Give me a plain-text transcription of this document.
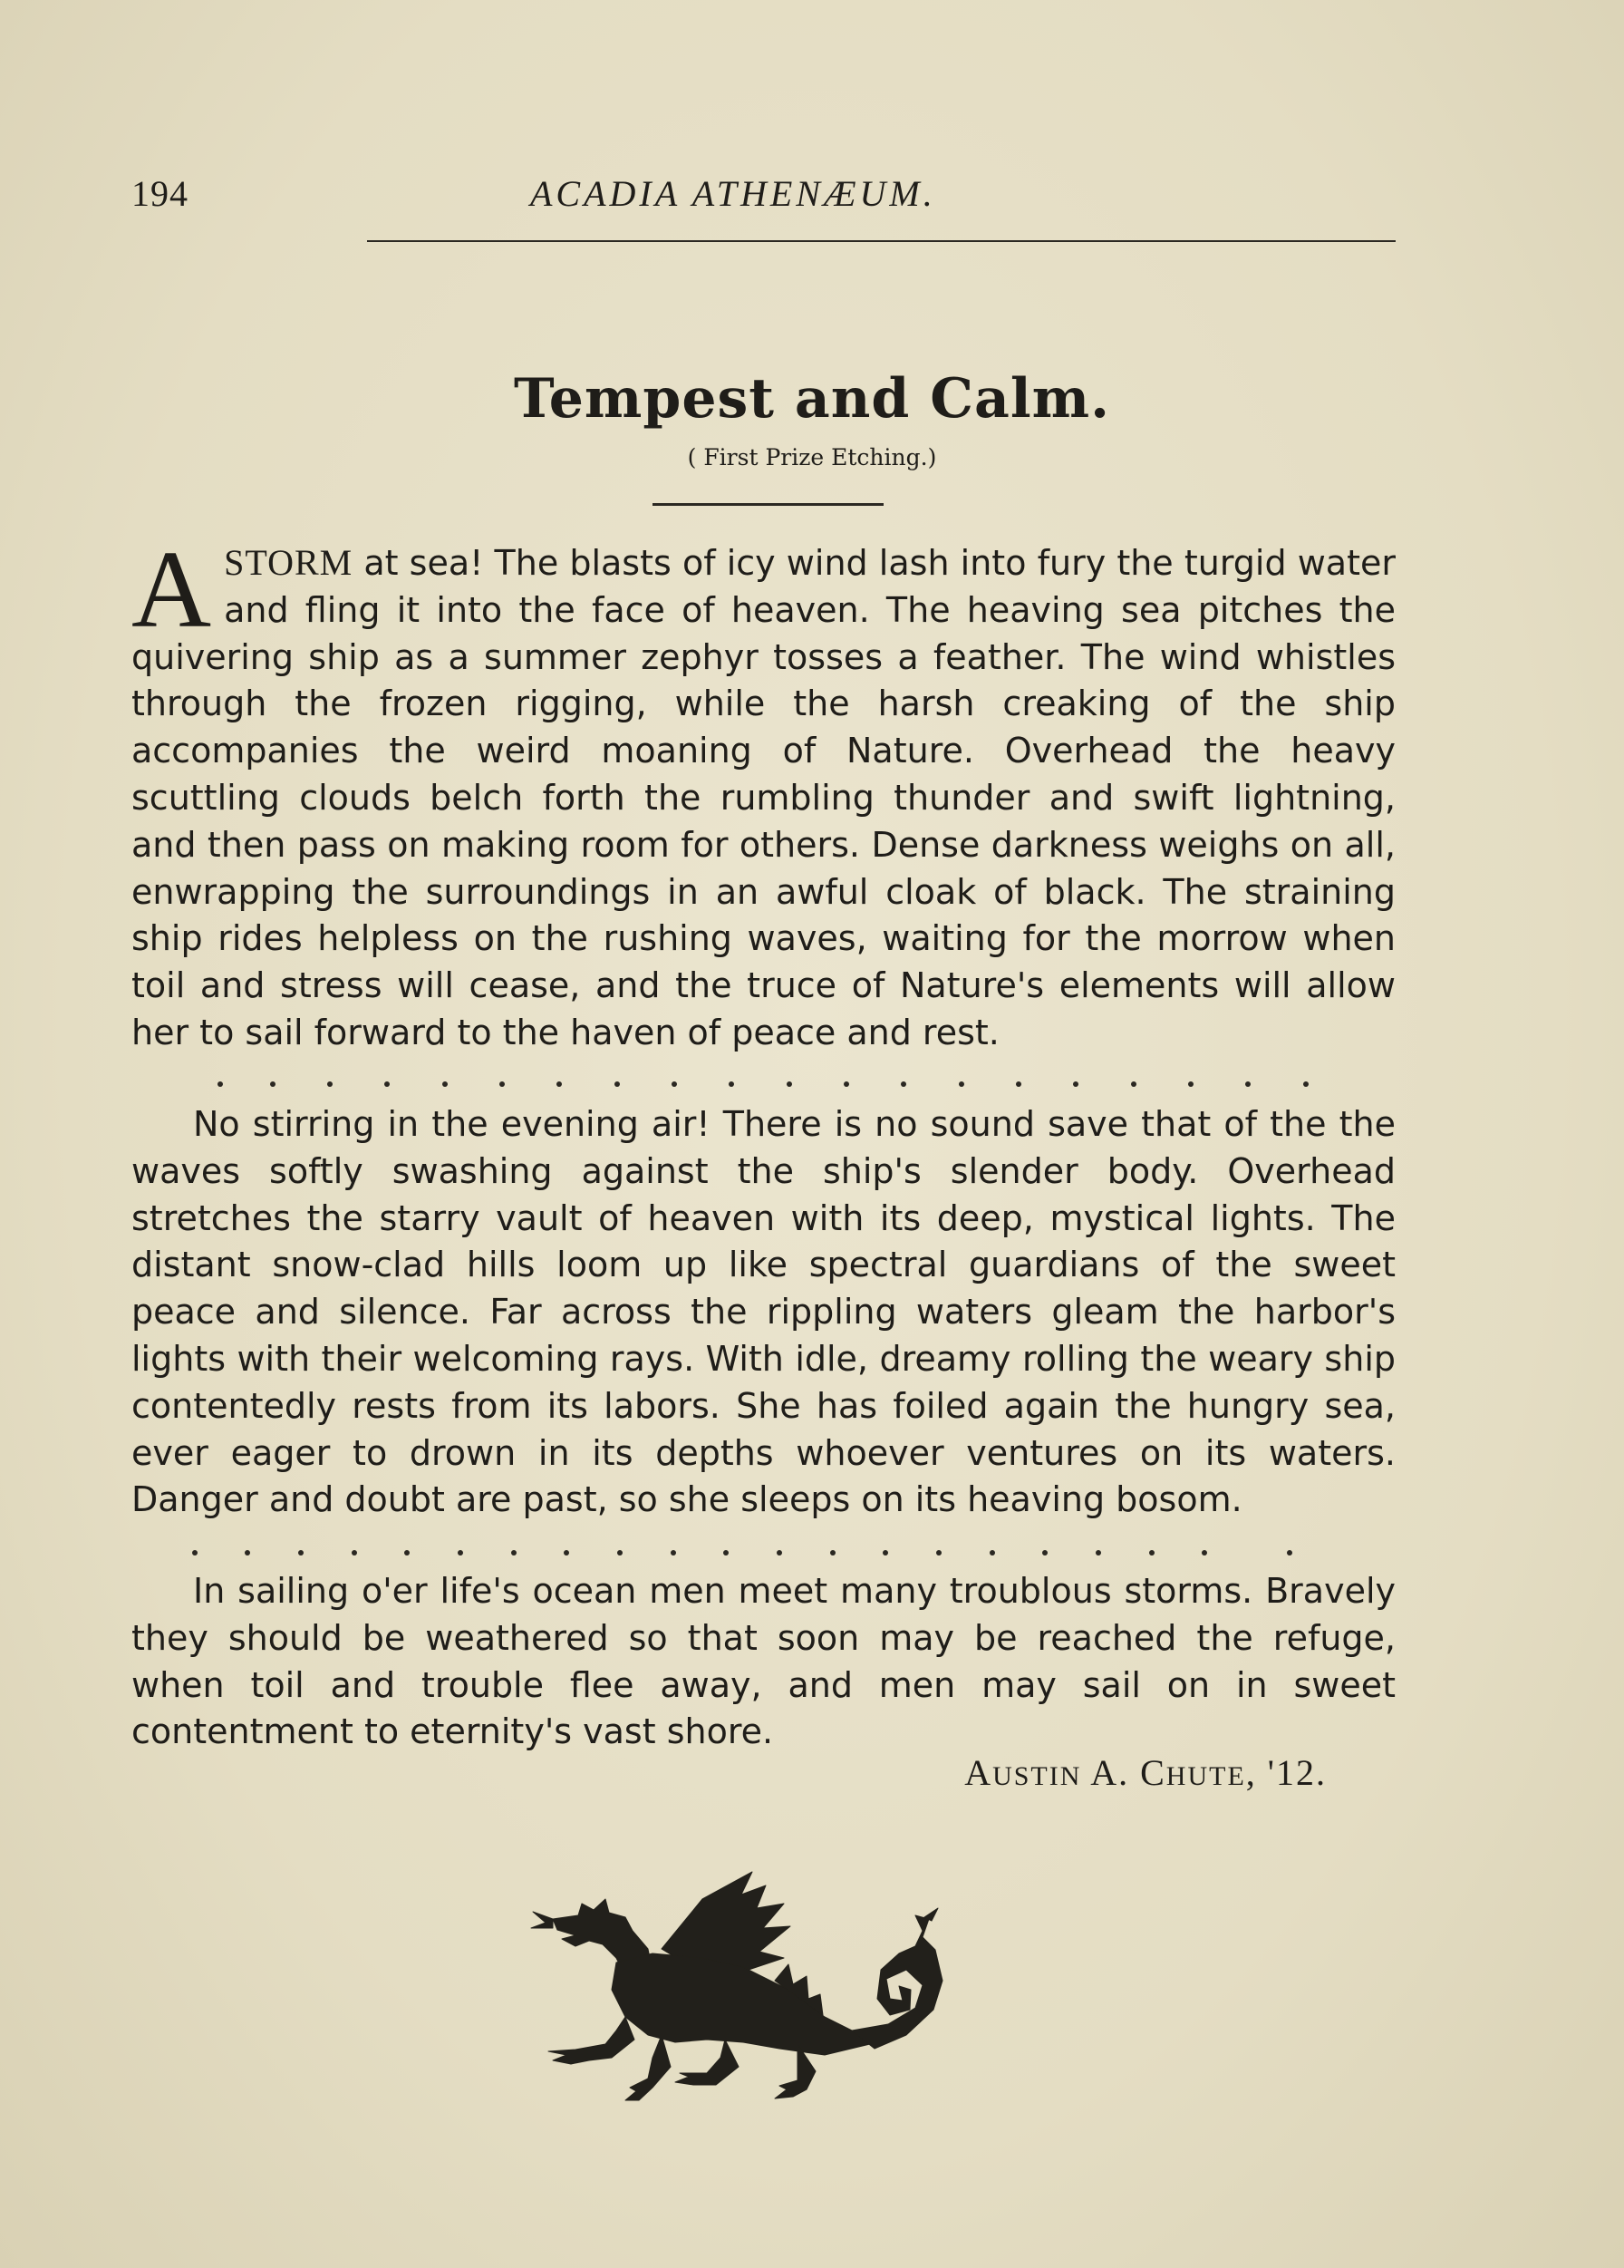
194	ACADIA ATHENÆUM.
Tempest and Calm.
( First Prize Etching.)
ASTORM at sea! The blasts of icy wind lash into fury the turgid water and fling it into the face of heaven. The heaving sea pitches the quivering ship as a summer zephyr tosses a feather. The wind whistles through the frozen rigging, while the harsh creaking of the ship accompanies the weird moaning of Nature. Overhead the heavy scuttling clouds belch forth the rumbling thunder and swift lightning, and then pass on making room for others. Dense darkness weighs on all, enwrapping the surroundings in an awful cloak of black. The straining ship rides helpless on the rushing waves, waiting for the morrow when toil and stress will cease, and the truce of Nature's elements will allow her to sail forward to the haven of peace and rest.
No stirring in the evening air! There is no sound save that of the the waves softly swashing against the ship's slender body. Overhead stretches the starry vault of heaven with its deep, mystical lights. The distant snow-clad hills loom up like spectral guardians of the sweet peace and silence. Far across the rippling waters gleam the harbor's lights with their welcoming rays. With idle, dreamy rolling the weary ship contentedly rests from its labors. She has foiled again the hungry sea, ever eager to drown in its depths whoever ventures on its waters. Danger and doubt are past, so she sleeps on its heaving bosom.
In sailing o'er life's ocean men meet many troublous storms. Bravely they should be weathered so that soon may be reached the refuge, when toil and trouble flee away, and men may sail on in sweet contentment to eternity's vast shore.
AUSTIN A. CHUTE, '12.
